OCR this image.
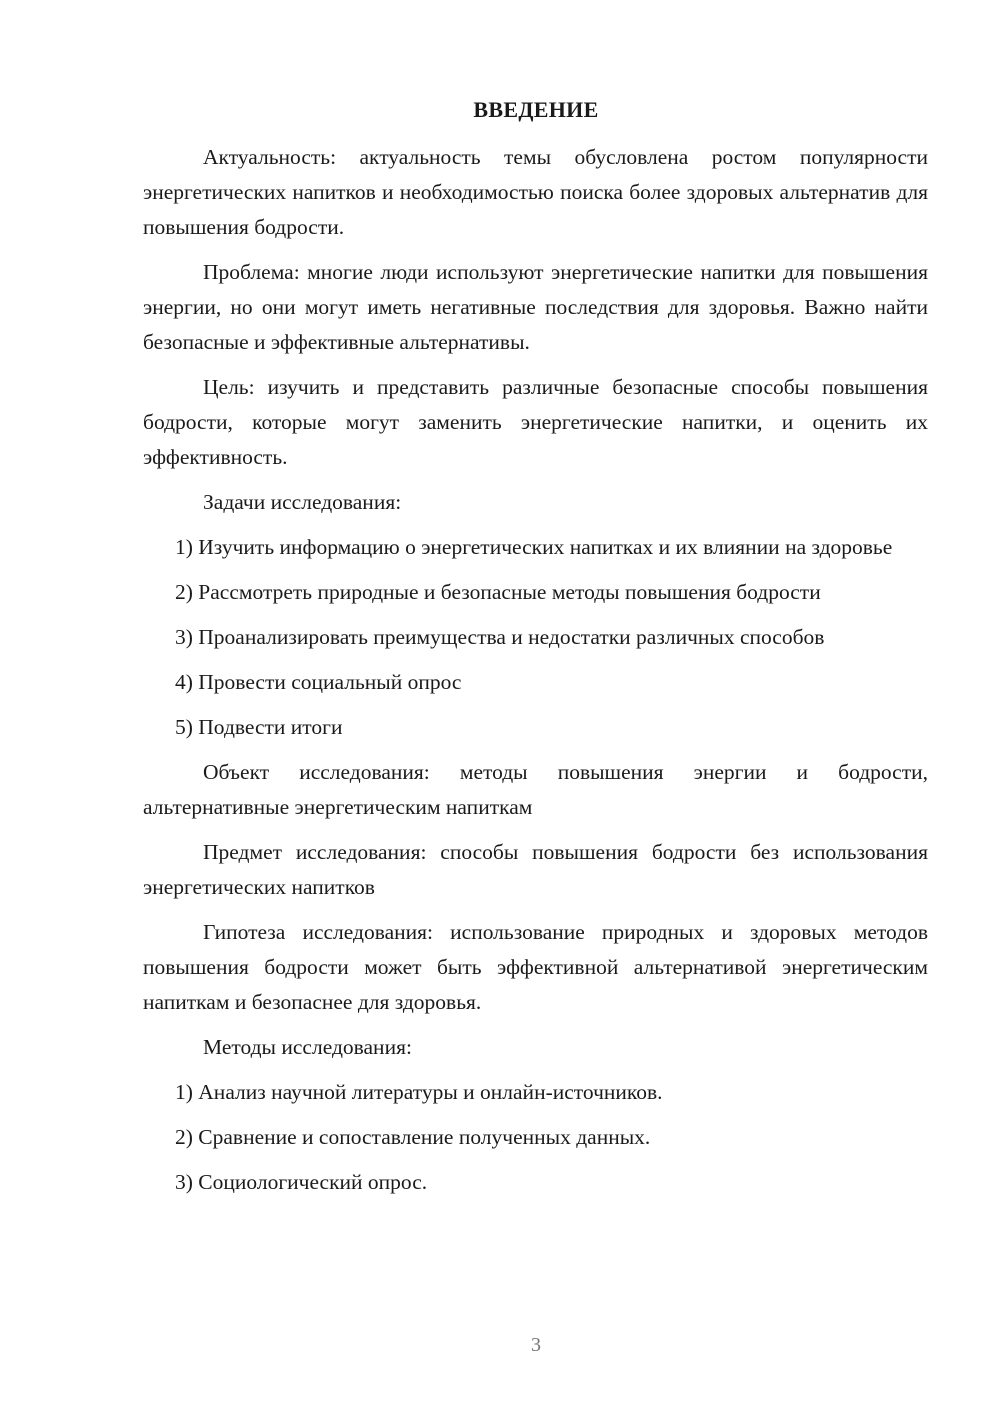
ВВЕДЕНИЕ

Актуальность: актуальность темы обусловлена ростом популярности энергетических напитков и необходимостью поиска более здоровых альтернатив для повышения бодрости.

Проблема: многие люди используют энергетические напитки для повышения энергии, но они могут иметь негативные последствия для здоровья. Важно найти безопасные и эффективные альтернативы.

Цель: изучить и представить различные безопасные способы повышения бодрости, которые могут заменить энергетические напитки, и оценить их эффективность.

Задачи исследования:

1) Изучить информацию о энергетических напитках и их влиянии на здоровье

2) Рассмотреть природные и безопасные методы повышения бодрости

3) Проанализировать преимущества и недостатки различных способов

4) Провести социальный опрос

5) Подвести итоги

Объект исследования: методы повышения энергии и бодрости, альтернативные энергетическим напиткам

Предмет исследования: способы повышения бодрости без использования энергетических напитков

Гипотеза исследования: использование природных и здоровых методов повышения бодрости может быть эффективной альтернативой энергетическим напиткам и безопаснее для здоровья.

Методы исследования:

1) Анализ научной литературы и онлайн-источников.

2) Сравнение и сопоставление полученных данных.

3) Социологический опрос.

3
